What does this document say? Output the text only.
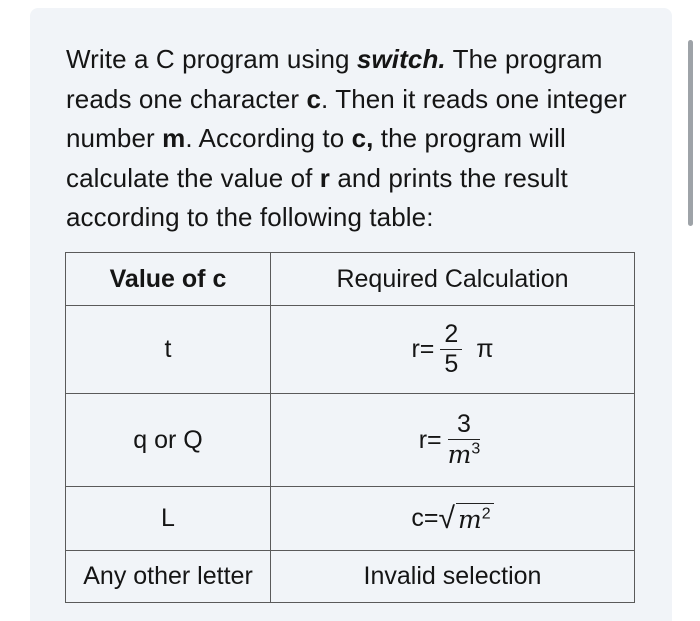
Write a C program using switch. The program reads one character c. Then it reads one integer number m. According to c, the program will calculate the value of r and prints the result according to the following table:
Value of c	Required Calculation
t	$r= \frac{2}{5}$ π

q or Q	$r= \frac{3}{m^3}$

L	c= √ $m^2$

Any other letter	Invalid selection
